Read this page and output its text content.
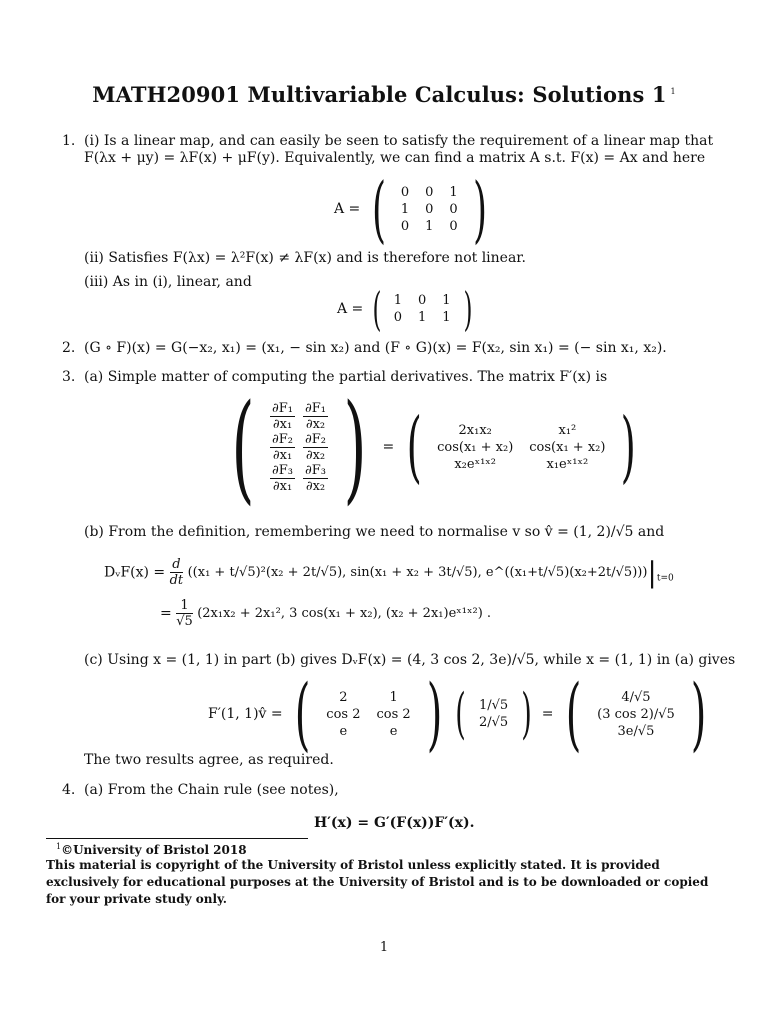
MATH20901 Multivariable Calculus: Solutions 1 $^1$
1. (i) Is a linear map, and can easily be seen to satisfy the requirement of a linear map that
F(λx + μy) = λF(x) + μF(y). Equivalently, we can find a matrix A s.t. F(x) = Ax and here
A = ( 0	0	1
1	0	0
0	1	0 )
(ii) Satisfies F(λx) = λ²F(x) ≠ λF(x) and is therefore not linear.
(iii) As in (i), linear, and
A = ( 1	0	1
0	1	1 )
2. (G ∘ F)(x) = G(−x₂, x₁) = (x₁, − sin x₂) and (F ∘ G)(x) = F(x₂, sin x₁) = (− sin x₁, x₂).
3. (a) Simple matter of computing the partial derivatives. The matrix F′(x) is
( $\frac{\text{∂F₁}}{\text{∂x₁}}$	$\frac{\text{∂F₁}}{\text{∂x₂}}$

$\frac{\text{∂F₂}}{\text{∂x₁}}$	$\frac{\text{∂F₂}}{\text{∂x₂}}$

$\frac{\text{∂F₃}}{\text{∂x₁}}$	$\frac{\text{∂F₃}}{\text{∂x₂}}$ ) = (	2x₁x₂	x₁²
cos(x₁ + x₂)	cos(x₁ + x₂)
x₂eˣ¹ˣ²	x₁eˣ¹ˣ² )
(b) From the definition, remembering we need to normalise v so v̂ = (1, 2)/√5 and
DᵥF(x) = $\frac{d}{dt} ((x_1 + t/√5)^2(x_2 + 2t/√5)$, sin(x₁ + x₂ + 3t/√5), $e\^{}((x_1+t/√5)(x_2+2t/√5)))|_{t=0}$
= $\frac{1}{√5} (2x_1x_2 + 2x_1^2$, 3 cos(x₁ + x₂), (x₂ + 2x₁)eˣ¹ˣ²) .
(c) Using x = (1, 1) in part (b) gives DᵥF(x) = (4, 3 cos 2, 3e)/√5, while x = (1, 1) in (a) gives
F′(1, 1)v̂ = ( 2	1
cos 2	cos 2
e	e ) ( 1/√5
2/√5 ) = (	4/√5
(3 cos 2)/√5
3e/√5 )
The two results agree, as required.
4. (a) From the Chain rule (see notes),
H′(x) = G′(F(x))F′(x).
$^1$©University of Bristol 2018
This material is copyright of the University of Bristol unless explicitly stated. It is provided exclusively for educational purposes at the University of Bristol and is to be downloaded or copied for your private study only.
1
